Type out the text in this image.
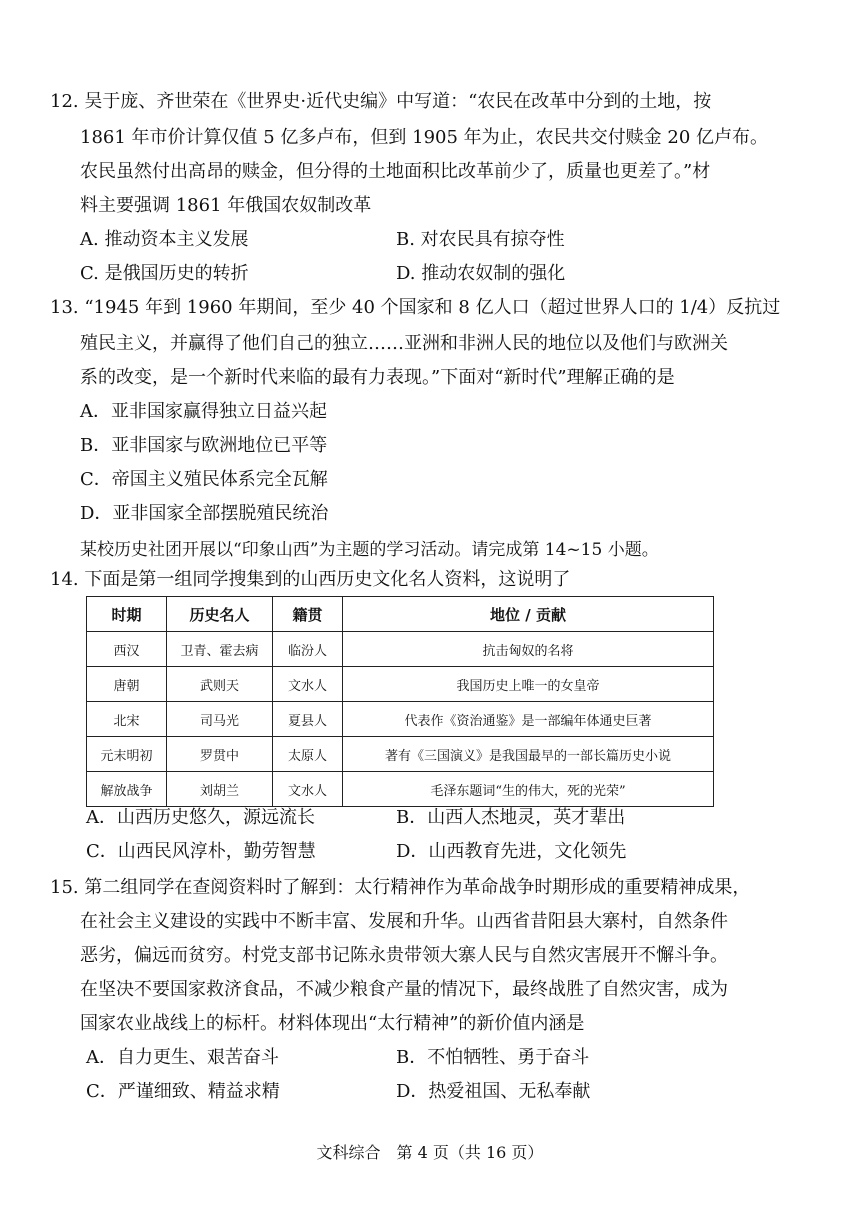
12. 吴于庞、齐世荣在《世界史·近代史编》中写道：“农民在改革中分到的土地，按
1861 年市价计算仅值 5 亿多卢布，但到 1905 年为止，农民共交付赎金 20 亿卢布。
农民虽然付出高昂的赎金，但分得的土地面积比改革前少了，质量也更差了。”材
料主要强调 1861 年俄国农奴制改革
A. 推动资本主义发展	B. 对农民具有掠夺性
C. 是俄国历史的转折	D. 推动农奴制的强化
13. “1945 年到 1960 年期间，至少 40 个国家和 8 亿人口（超过世界人口的 1/4）反抗过
殖民主义，并赢得了他们自己的独立……亚洲和非洲人民的地位以及他们与欧洲关
系的改变，是一个新时代来临的最有力表现。”下面对“新时代”理解正确的是
A．亚非国家赢得独立日益兴起
B．亚非国家与欧洲地位已平等
C．帝国主义殖民体系完全瓦解
D．亚非国家全部摆脱殖民统治
某校历史社团开展以“印象山西”为主题的学习活动。请完成第 14~15 小题。
14. 下面是第一组同学搜集到的山西历史文化名人资料，这说明了
时期	历史名人	籍贯	地位 / 贡献
西汉	卫青、霍去病	临汾人	抗击匈奴的名将
唐朝	武则天	文水人	我国历史上唯一的女皇帝
北宋	司马光	夏县人	代表作《资治通鉴》是一部编年体通史巨著
元末明初	罗贯中	太原人	著有《三国演义》是我国最早的一部长篇历史小说
解放战争	刘胡兰	文水人	毛泽东题词“生的伟大，死的光荣”
A．山西历史悠久，源远流长	B．山西人杰地灵，英才辈出
C．山西民风淳朴，勤劳智慧	D．山西教育先进，文化领先
15. 第二组同学在查阅资料时了解到：太行精神作为革命战争时期形成的重要精神成果，
在社会主义建设的实践中不断丰富、发展和升华。山西省昔阳县大寨村，自然条件
恶劣，偏远而贫穷。村党支部书记陈永贵带领大寨人民与自然灾害展开不懈斗争。
在坚决不要国家救济食品，不减少粮食产量的情况下，最终战胜了自然灾害，成为
国家农业战线上的标杆。材料体现出“太行精神”的新价值内涵是
A．自力更生、艰苦奋斗	B．不怕牺牲、勇于奋斗
C．严谨细致、精益求精	D．热爱祖国、无私奉献
文科综合　第 4 页（共 16 页）
